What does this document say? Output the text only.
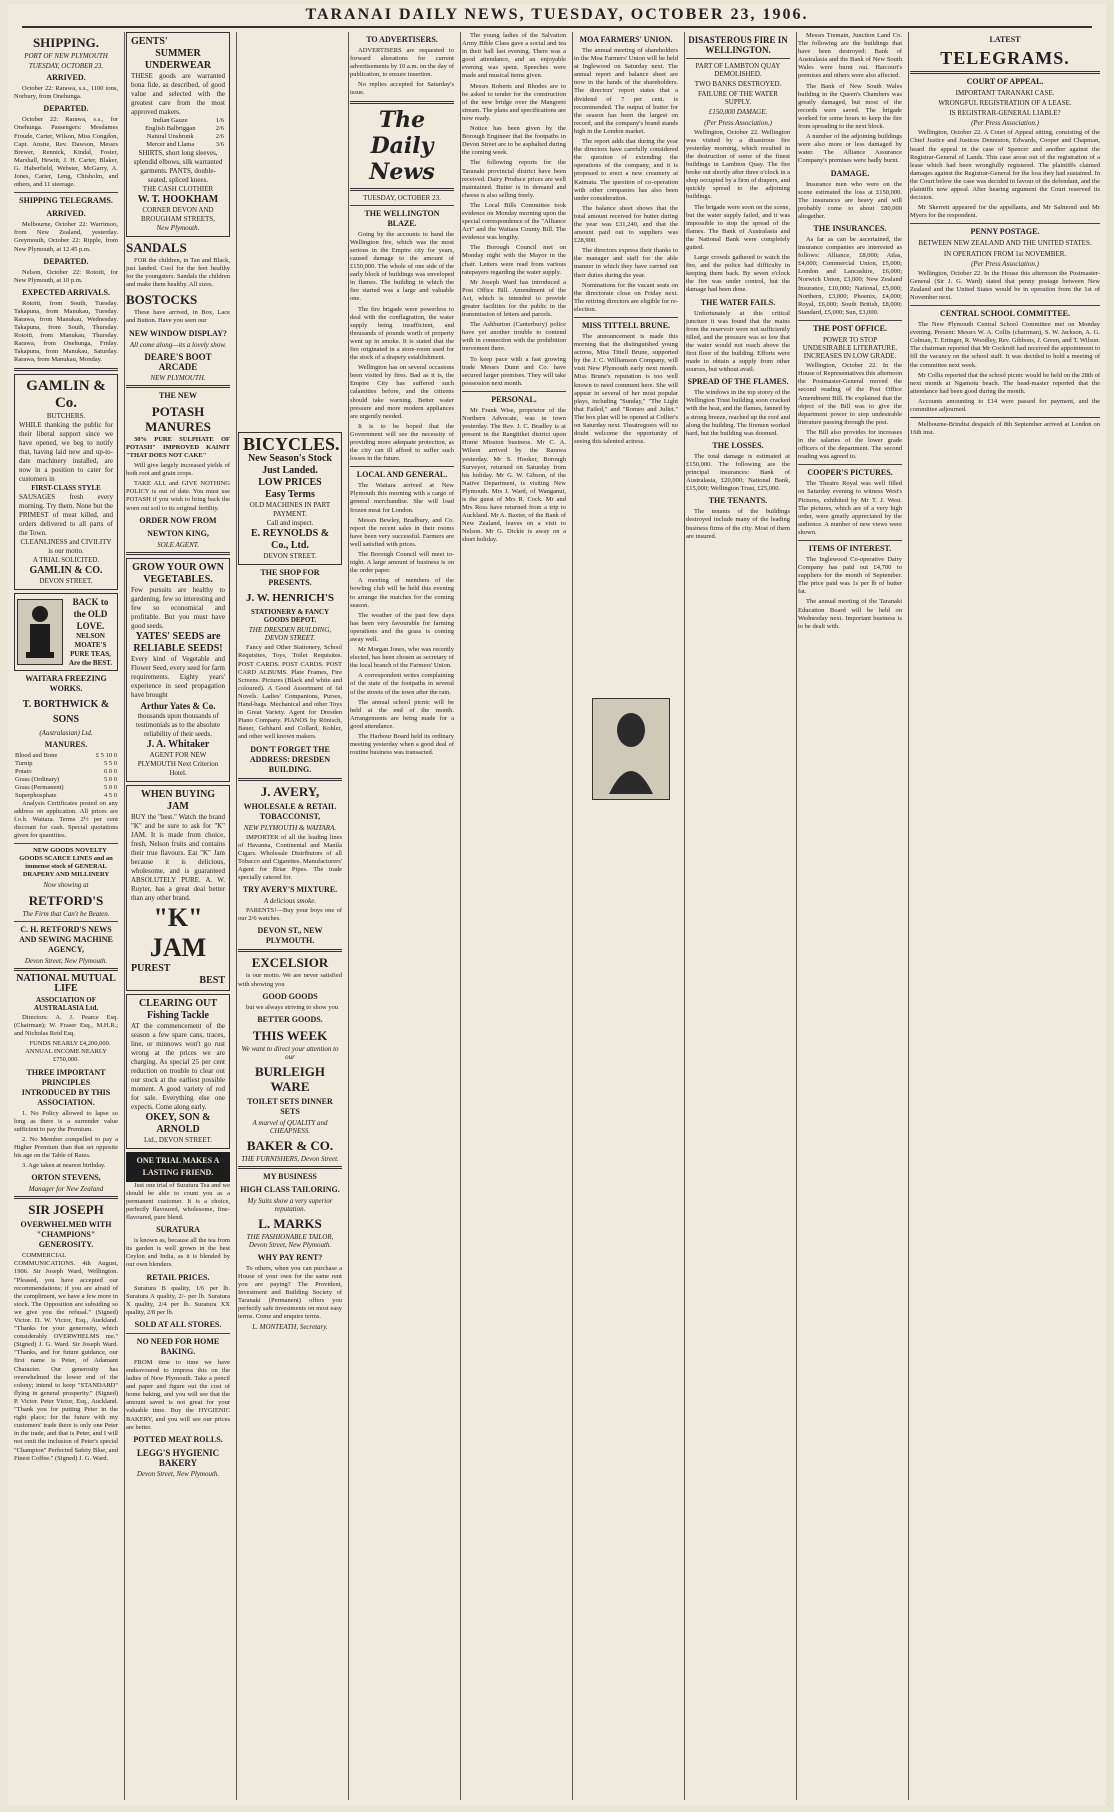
TARANAI DAILY NEWS, TUESDAY, OCTOBER 23, 1906.
SHIPPING.
PORT OF NEW PLYMOUTH
TUESDAY, OCTOBER 23.
ARRIVED.
October 22: Rarawa, s.s., 1100 tons, Norbury, from Onehunga.
DEPARTED.
October 22: Rarawa, s.s., for Onehunga. Passengers: Mesdames Froude, Carter, Wilson, Miss Congdon, Capt. Anstie, Rev. Dawson, Messrs Brewer, Rennick, Kindal, Foster, Marshall, Hewitt, J. H. Carter, Blaker, G. Haberfield, Webster, McGarry, A. Jones, Carter, Leng, Chisholm, and others, and 11 steerage.
SHIPPING TELEGRAMS.
ARRIVED.
Melbourne, October 22: Warrimoo, from New Zealand, yesterday. Greymouth, October 22: Ripple, from New Plymouth, at 12.45 p.m.
DEPARTED.
Nelson, October 22: Rotoiti, for New Plymouth, at 10 p.m.
EXPECTED ARRIVALS.
Rotoiti, from South, Tuesday. Takapuna, from Manukau, Tuesday. Rarawa, from Manukau, Wednesday. Takapuna, from South, Thursday. Rotoiti, from Manukau, Thursday. Rarawa, from Onehunga, Friday. Takapuna, from Manukau, Saturday. Rarawa, from Manukau, Monday.
GAMLIN & Co.
BUTCHERS.
WHILE thanking the public for their liberal support since we have opened, we beg to notify that, having laid new and up-to-date machinery installed, are now in a position to cater for customers in
FIRST-CLASS STYLE
SAUSAGES fresh every morning. Try them. None but the PRIMEST of meat killed, and orders delivered to all parts of the Town.
CLEANLINESS and CIVILITY is our motto.
A TRIAL SOLICITED.
GAMLIN & CO.
DEVON STREET.
BACK to the OLD LOVE.
NELSON MOATE'S PURE TEAS, Are the BEST.
WAITARA FREEZING WORKS.
T. BORTHWICK & SONS
(Australasian) Ltd.
MANURES.
Blood and Bone	£ 5 10 0
Turnip	5 5 0
Potato	6 0 0
Grass (Ordinary)	5 0 0
Grass (Permanent)	5 0 0
Superphosphate	4 5 0
Analysis Certificates posted on any address on application. All prices are f.o.b. Waitara. Terms 2½ per cent discount for cash. Special quotations given for quantities.
NEW GOODS NOVELTY GOODS SCARCE LINES and an immense stock of GENERAL DRAPERY AND MILLINERY
Now showing at
RETFORD'S
The Firm that Can't be Beaten.
C. H. RETFORD'S NEWS AND SEWING MACHINE AGENCY,
Devon Street, New Plymouth.
NATIONAL MUTUAL LIFE
ASSOCIATION OF AUSTRALASIA Ltd.
Directors: A. J. Pearce Esq. (Chairman); W. Fraser Esq., M.H.R.; and Nicholas Reid Esq.
FUNDS NEARLY £4,200,000. ANNUAL INCOME NEARLY £750,000.
THREE IMPORTANT PRINCIPLES INTRODUCED BY THIS ASSOCIATION.
1. No Policy allowed to lapse so long as there is a surrender value sufficient to pay the Premium.
2. No Member compelled to pay a Higher Premium than that set opposite his age on the Table of Rates.
3. Age taken at nearest birthday.
ORTON STEVENS,
Manager for New Zealand
SIR JOSEPH
OVERWHELMED WITH "CHAMPIONS" GENEROSITY.
COMMERCIAL COMMUNICATIONS. 4th August, 1906. Sir Joseph Ward, Wellington. "Pleased, you have accepted our recommendations; if you are afraid of the compliment, we have a few more in stock. The Opposition are subsiding so we give you the refusal." (Signed) Victor. D. W. Victor, Esq., Auckland. "Thanks for your generosity, which considerably OVERWHELMS me." (Signed) J. G. Ward. Sir Joseph Ward. "Thanks, and for future guidance, our first name is Peter, of Adamant Character. Our generosity has overwhelmed the lower end of the colony; intend to keep "STANDARD" flying in general prosperity." (Signed) P. Victor. Peter Victor, Esq., Auckland. "Thank you for putting Peter in the right place; for the future with my customers' trade there is only one Peter in the trade, and that is Peter, and I will not omit the inclusion of Peter's special "Champion" Perfected Safety Blue, and Finest Coffee." (Signed) J. G. Ward.
GENTS'
SUMMER
UNDERWEAR
THESE goods are warranted bona fide, as described, of good value and selected with the greatest care from the most approved makers.
Indian Gauze	1/6
English Balbriggan	2/6
Natural Unshrunk	2/6
Mercer and Llama	3/6
SHIRTS, short long sleeves, splendid elbows, silk warranted garments. PANTS, double-seated, spliced knees.
THE CASH CLOTHIER
W. T. HOOKHAM
CORNER DEVON AND BROUGHAM STREETS,
New Plymouth.
SANDALS
FOR the children, in Tan and Black, just landed. Cool for the feet healthy for the youngsters. Sandals the children and make them healthy. All sizes.
BOSTOCKS
These have arrived, in Box, Lace and Button. Have you seen our
NEW WINDOW DISPLAY?
All come along—its a lovely show.
DEARE'S BOOT ARCADE
NEW PLYMOUTH.
THE NEW
POTASH MANURES
30% PURE SULPHATE OF POTASH" IMPROVED KAINIT "THAT DOES NOT CAKE"
Will give largely increased yields of both root and grain crops.
TAKE ALL and GIVE NOTHING POLICY is out of date. You must use POTASH if you wish to bring back the worn out soil to its original fertility.
ORDER NOW FROM
NEWTON KING,
SOLE AGENT.
GROW YOUR OWN VEGETABLES.
Few pursuits are healthy to gardening, few so interesting and few so economical and profitable. But you must have good seeds.
YATES' SEEDS are RELIABLE SEEDS!
Every kind of Vegetable and Flower Seed, every seed for farm requirements. Eighty years' experience in seed propagation have brought
Arthur Yates & Co.
thousands upon thousands of testimonials as to the absolute reliability of their seeds.
J. A. Whitaker
AGENT FOR NEW PLYMOUTH Next Criterion Hotel.
WHEN BUYING JAM
BUY the "best." Watch the brand "K" and be sure to ask for "K" JAM. It is made from choice, fresh, Nelson fruits and contains their true flavours. Eat "K" Jam because it is delicious, wholesome, and is guaranteed ABSOLUTELY PURE. A. W. Ruyter, has a great deal better than any other brand.
"K" JAM
PUREST
BEST
CLEARING OUT Fishing Tackle
AT the commencement of the season a few spare cans, traces, line, or minnows won't go rust wrong at the prices we are charging. As special 25 per cent reduction on trouble to clear out our stock at the earliest possible moment. A good variety of rod for sale. Everything else one expects. Come along early.
OKEY, SON & ARNOLD
Ltd., DEVON STREET.
ONE TRIAL MAKES A LASTING FRIEND.
Just one trial of Suratura Tea and we should be able to count you as a permanent customer. It is a choice, perfectly flavoured, wholesome, fine-flavoured, pure blend.
SURATURA
is known as, because all the tea from its garden is well grown in the best Ceylon and India, as it is blended by our own blenders.
RETAIL PRICES.
Suratura B quality, 1/6 per lb. Suratura A quality, 2/- per lb. Suratura X quality, 2/4 per lb. Suratura XX quality, 2/8 per lb.
SOLD AT ALL STORES.
NO NEED FOR HOME BAKING.
FROM time to time we have endeavoured to impress this on the ladies of New Plymouth. Take a pencil and paper and figure out the cost of home baking, and you will see that the amount saved is not great for your valuable time. Buy the HYGIENIC BAKERY, and you will see our prices are better.
POTTED MEAT ROLLS.
LEGG'S HYGIENIC BAKERY
Devon Street, New Plymouth.
BICYCLES.
New Season's Stock Just Landed.
LOW PRICES
Easy Terms
OLD MACHINES IN PART PAYMENT.
Call and inspect.
E. REYNOLDS & Co., Ltd.
DEVON STREET.
THE SHOP FOR PRESENTS.
J. W. HENRICH'S
STATIONERY & FANCY GOODS DEPOT.
THE DRESDEN BUILDING, DEVON STREET.
Fancy and Other Stationery, School Requisites, Toys, Toilet Requisites. POST CARDS. POST CARDS. POST CARD ALBUMS. Plate Frames, Fire Screens. Pictures (Black and white and coloured). A Good Assortment of 6d Novels. Ladies' Companions, Purses, Hand-bags. Mechanical and other Toys in Great Variety. Agent for Dresden Piano Company. PIANOS by Rönisch, Bauer, Gebhard and Collard, Kohler, and other well known makers.
DON'T FORGET THE ADDRESS: DRESDEN BUILDING.
J. AVERY,
WHOLESALE & RETAIL TOBACCONIST,
NEW PLYMOUTH & WAITARA.
IMPORTER of all the leading lines of Havanna, Continental and Manila Cigars. Wholesale Distributors of all Tobacco and Cigarettes. Manufacturers' Agent for Briar Pipes. The trade specially catered for.
TRY AVERY'S MIXTURE.
A delicious smoke.
PARENTS!—Buy your boys one of our 2/6 watches.
DEVON ST., NEW PLYMOUTH.
EXCELSIOR
is our motto. We are never satisfied with showing you
GOOD GOODS
but we always striving to show you
BETTER GOODS.
THIS WEEK
We want to direct your attention to our
BURLEIGH WARE
TOILET SETS DINNER SETS
A marvel of QUALITY and CHEAPNESS.
BAKER & CO.
THE FURNISHERS, Devon Street.
MY BUSINESS
HIGH CLASS TAILORING.
My Suits show a very superior reputation.
L. MARKS
THE FASHIONABLE TAILOR, Devon Street, New Plymouth.
WHY PAY RENT?
To others, when you can purchase a House of your own for the same rent you are paying? The Provident, Investment and Building Society of Taranaki (Permanent) offers you perfectly safe investments on most easy terms. Come and enquire terms.
L. MONTEATH, Secretary.
TO ADVERTISERS.
ADVERTISERS are requested to forward alterations for current advertisements by 10 a.m. on the day of publication, to ensure insertion.
No replies accepted for Saturday's issue.
The Daily News
TUESDAY, OCTOBER 23.
THE WELLINGTON BLAZE.
Going by the accounts to hand the Wellington fire, which was the most serious in the Empire city for years, caused damage to the amount of £150,000. The whole of one side of the early block of buildings was enveloped in flames. The building in which the fire started was a large and valuable one.
The fire brigade were powerless to deal with the conflagration, the water supply being insufficient, and thousands of pounds worth of property went up in smoke. It is stated that the fire originated in a store-room used for the stock of a drapery establishment.
Wellington has on several occasions been visited by fires. Bad as it is, the Empire City has suffered such calamities before, and the citizens should take warning. Better water pressure and more modern appliances are urgently needed.
It is to be hoped that the Government will see the necessity of providing more adequate protection, as the city can ill afford to suffer such losses in the future.
LOCAL AND GENERAL.
The Waitara arrived at New Plymouth this morning with a cargo of general merchandise. She will load frozen meat for London.
Messrs Bewley, Bradbury, and Co. report the recent sales in their rooms have been very successful. Farmers are well satisfied with prices.
The Borough Council will meet to-night. A large amount of business is on the order paper.
A meeting of members of the bowling club will be held this evening to arrange the matches for the coming season.
The weather of the past few days has been very favourable for farming operations and the grass is coming away well.
Mr Morgan Jones, who was recently elected, has been chosen as secretary of the local branch of the Farmers' Union.
A correspondent writes complaining of the state of the footpaths in several of the streets of the town after the rain.
The annual school picnic will be held at the end of the month. Arrangements are being made for a good attendance.
The Harbour Board held its ordinary meeting yesterday when a good deal of routine business was transacted.
The young ladies of the Salvation Army Bible Class gave a social and tea in their hall last evening. There was a good attendance, and an enjoyable evening was spent. Speeches were made and musical items given.
Messrs Roberts and Rhodes are to be asked to tender for the construction of the new bridge over the Mangorei stream. The plans and specifications are now ready.
Notice has been given by the Borough Engineer that the footpaths in Devon Street are to be asphalted during the coming week.
The following reports for the Taranaki provincial district have been received. Dairy Produce prices are well maintained. Butter is in demand and cheese is also selling freely.
The Local Bills Committee took evidence on Monday morning upon the special correspondence of the "Alliance Act" and the Waitara County Bill. The evidence was lengthy.
The Borough Council met on Monday night with the Mayor in the chair. Letters were read from various ratepayers regarding the water supply.
Mr Joseph Ward has introduced a Post Office Bill. Amendment of the Act, which is intended to provide greater facilities for the public in the transmission of letters and parcels.
The Ashburton (Canterbury) police have yet another trouble to contend with in connection with the prohibition movement there.
To keep pace with a fast growing trade Messrs Dunn and Co. have secured larger premises. They will take possession next month.
PERSONAL.
Mr Frank Wise, proprietor of the Northern Advocate, was in town yesterday. The Rev. J. C. Bradley is at present in the Rangitikei district upon Home Mission business. Mr C. A. Wilson arrived by the Rarawa yesterday. Mr S. Hooker, Borough Surveyor, returned on Saturday from his holiday. Mr G. W. Gibson, of the Native Department, is visiting New Plymouth. Mrs J. Ward, of Wanganui, is the guest of Mrs R. Cock. Mr and Mrs Ross have returned from a trip to Auckland. Mr A. Baxter, of the Bank of New Zealand, leaves on a visit to Nelson. Mr G. Dickie is away on a short holiday.
MOA FARMERS' UNION.
The annual meeting of shareholders in the Moa Farmers' Union will be held at Inglewood on Saturday next. The annual report and balance sheet are now in the hands of the shareholders. The directors' report states that a dividend of 7 per cent. is recommended. The output of butter for the season has been the largest on record, and the company's brand stands high in the London market.
The report adds that during the year the directors have carefully considered the question of extending the operations of the company, and it is proposed to erect a new creamery at Kaimata. The question of co-operation with other companies has also been under consideration.
The balance sheet shows that the total amount received for butter during the year was £31,240, and that the amount paid out to suppliers was £28,900.
The directors express their thanks to the manager and staff for the able manner in which they have carried out their duties during the year.
Nominations for the vacant seats on the directorate close on Friday next. The retiring directors are eligible for re-election.
MISS TITTELL BRUNE.
The announcement is made this morning that the distinguished young actress, Miss Tittell Brune, supported by the J. C. Williamson Company, will visit New Plymouth early next month. Miss Brune's reputation is too well known to need comment here. She will appear in several of her most popular plays, including "Sunday," "The Light that Failed," and "Romeo and Juliet." The box plan will be opened at Collier's on Saturday next. Theatregoers will no doubt welcome the opportunity of seeing this talented actress.
DISASTEROUS FIRE IN WELLINGTON.
PART OF LAMBTON QUAY DEMOLISHED.
TWO BANKS DESTROYED.
FAILURE OF THE WATER SUPPLY.
£150,000 DAMAGE.
(Per Press Association.)
Wellington, October 22. Wellington was visited by a disastrous fire yesterday morning, which resulted in the destruction of some of the finest buildings in Lambton Quay. The fire broke out shortly after three o'clock in a shop occupied by a firm of drapers, and quickly spread to the adjoining buildings.
The brigade were soon on the scene, but the water supply failed, and it was impossible to stop the spread of the flames. The Bank of Australasia and the National Bank were completely gutted.
Large crowds gathered to watch the fire, and the police had difficulty in keeping them back. By seven o'clock the fire was under control, but the damage had been done.
THE WATER FAILS.
Unfortunately at this critical juncture it was found that the mains from the reservoir were not sufficiently filled, and the pressure was so low that the water would not reach above the first floor of the building. Efforts were made to obtain a supply from other sources, but without avail.
SPREAD OF THE FLAMES.
The windows in the top storey of the Wellington Trust building soon cracked with the heat, and the flames, fanned by a strong breeze, reached up the roof and along the building. The firemen worked hard, but the building was doomed.
THE LOSSES.
The total damage is estimated at £150,000. The following are the principal insurances: Bank of Australasia, £20,000; National Bank, £15,000; Wellington Trust, £25,000.
THE TENANTS.
The tenants of the buildings destroyed include many of the leading business firms of the city. Most of them are insured.
Messrs Tremain, Junction Land Co. The following are the buildings that have been destroyed: Bank of Australasia and the Bank of New South Wales were burnt out. Harcourt's premises and others were also affected.
The Bank of New South Wales building in the Queen's Chambers was greatly damaged, but most of the records were saved. The brigade worked for some hours to keep the fire from spreading to the next block.
A number of the adjoining buildings were also more or less damaged by water. The Alliance Assurance Company's premises were badly burnt.
DAMAGE.
Insurance men who were on the scene estimated the loss at £150,000. The insurances are heavy and will probably come to about £80,000 altogether.
THE INSURANCES.
As far as can be ascertained, the insurance companies are interested as follows: Alliance, £8,000; Atlas, £4,000; Commercial Union, £5,000; London and Lancashire, £6,000; Norwich Union, £3,000; New Zealand Insurance, £10,000; National, £5,000; Northern, £3,000; Phoenix, £4,000; Royal, £6,000; South British, £8,000; Standard, £5,000; Sun, £3,000.
THE POST OFFICE.
POWER TO STOP UNDESIRABLE LITERATURE. INCREASES IN LOW GRADE.
Wellington, October 22. In the House of Representatives this afternoon the Postmaster-General moved the second reading of the Post Office Amendment Bill. He explained that the object of the Bill was to give the department power to stop undesirable literature passing through the post.
The Bill also provides for increases in the salaries of the lower grade officers of the department. The second reading was agreed to.
COOPER'S PICTURES.
The Theatre Royal was well filled on Saturday evening to witness West's Pictures, exhibited by Mr T. J. West. The pictures, which are of a very high order, were greatly appreciated by the audience. A number of new views were shown.
ITEMS OF INTEREST.
The Inglewood Co-operative Dairy Company has paid out £4,700 to suppliers for the month of September. The price paid was 1s per lb of butter fat.
The annual meeting of the Taranaki Education Board will be held on Wednesday next. Important business is to be dealt with.
LATEST
TELEGRAMS.
COURT OF APPEAL.
IMPORTANT TARANAKI CASE.
WRONGFUL REGISTRATION OF A LEASE.
IS REGISTRAR-GENERAL LIABLE?
(Per Press Association.)
Wellington, October 22. A Court of Appeal sitting, consisting of the Chief Justice and Justices Denniston, Edwards, Cooper and Chapman, heard the appeal in the case of Spencer and another against the Registrar-General of Lands. This case arose out of the registration of a lease which had been wrongfully registered. The plaintiffs claimed damages against the Registrar-General for the loss they had sustained. In the Court below the case was decided in favour of the defendant, and the plaintiffs now appeal. After hearing argument the Court reserved its decision.
Mr Skerrett appeared for the appellants, and Mr Salmond and Mr Myers for the respondent.
PENNY POSTAGE.
BETWEEN NEW ZEALAND AND THE UNITED STATES.
IN OPERATION FROM 1st NOVEMBER.
(Per Press Association.)
Wellington, October 22. In the House this afternoon the Postmaster-General (Sir J. G. Ward) stated that penny postage between New Zealand and the United States would be in operation from the 1st of November next.
CENTRAL SCHOOL COMMITTEE.
The New Plymouth Central School Committee met on Monday evening. Present: Messrs W. A. Collis (chairman), S. W. Jackson, A. G. Colman, T. Ertinger, R. Woodley, Rev. Gibbons, J. Green, and T. Wilson. The chairman reported that Mr Cockroft had received the appointment to fill the vacancy on the school staff. It was decided to hold a meeting of the committee next week.
Mr Collis reported that the school picnic would be held on the 28th of next month at Ngamotu beach. The head-master reported that the attendance had been good during the month.
Accounts amounting to £14 were passed for payment, and the committee adjourned.
Melbourne-Brindisi despatch of 8th September arrived at London on 16th inst.
